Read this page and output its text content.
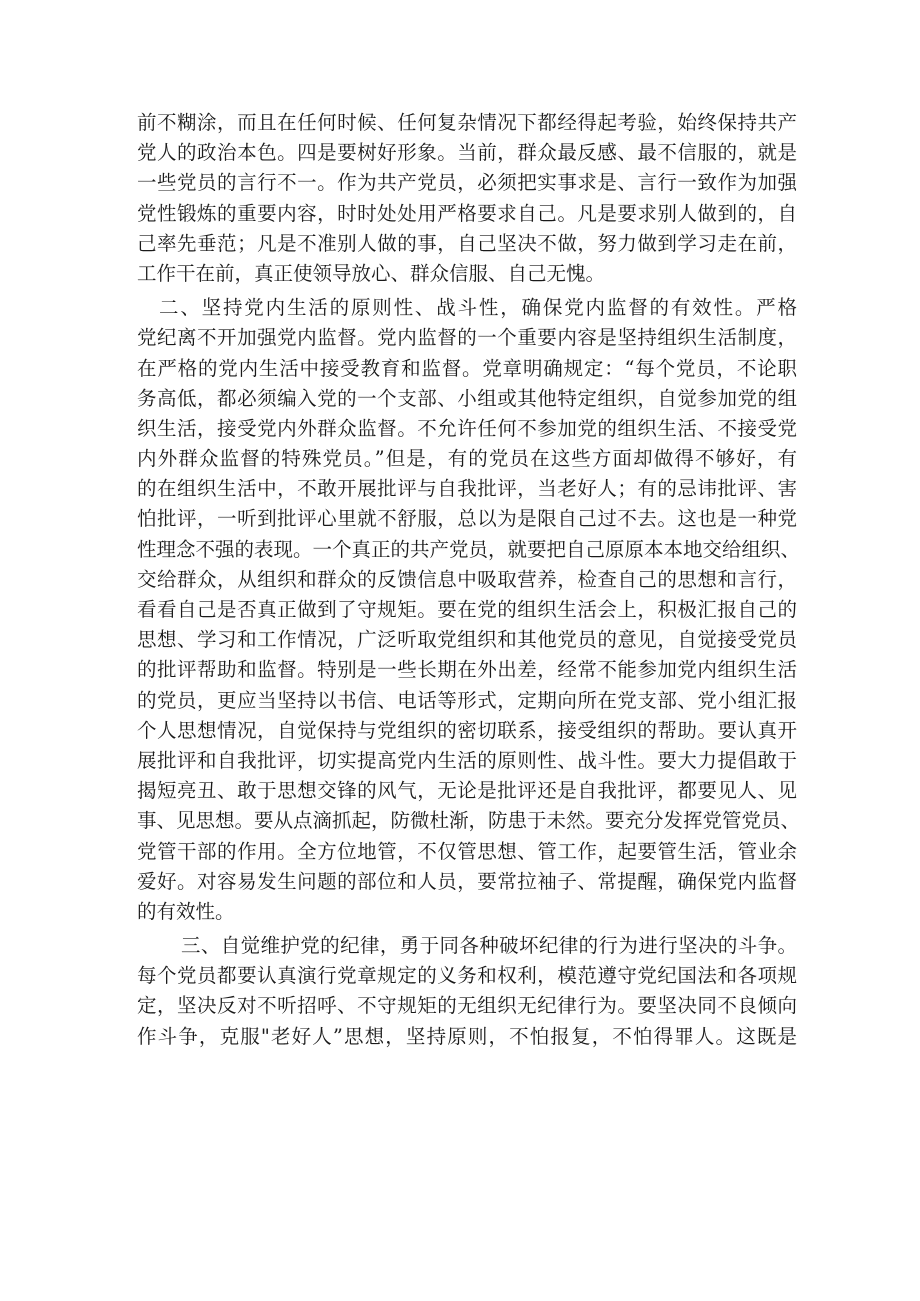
前不糊涂，而且在任何时候、任何复杂情况下都经得起考验，始终保持共产
党人的政治本色。四是要树好形象。当前，群众最反感、最不信服的，就是
一些党员的言行不一。作为共产党员，必须把实事求是、言行一致作为加强
党性锻炼的重要内容，时时处处用严格要求自己。凡是要求别人做到的，自
己率先垂范；凡是不准别人做的事，自己坚决不做，努力做到学习走在前，
工作干在前，真正使领导放心、群众信服、自己无愧。
二、坚持党内生活的原则性、战斗性，确保党内监督的有效性。严格
党纪离不开加强党内监督。党内监督的一个重要内容是坚持组织生活制度，
在严格的党内生活中接受教育和监督。党章明确规定：“每个党员，不论职
务高低，都必须编入党的一个支部、小组或其他特定组织，自觉参加党的组
织生活，接受党内外群众监督。不允许任何不参加党的组织生活、不接受党
内外群众监督的特殊党员。”但是，有的党员在这些方面却做得不够好，有
的在组织生活中，不敢开展批评与自我批评，当老好人；有的忌讳批评、害
怕批评，一听到批评心里就不舒服，总以为是限自己过不去。这也是一种党
性理念不强的表现。一个真正的共产党员，就要把自己原原本本地交给组织、
交给群众，从组织和群众的反馈信息中吸取营养，检查自己的思想和言行，
看看自己是否真正做到了守规矩。要在党的组织生活会上，积极汇报自己的
思想、学习和工作情况，广泛听取党组织和其他党员的意见，自觉接受党员
的批评帮助和监督。特别是一些长期在外出差，经常不能参加党内组织生活
的党员，更应当坚持以书信、电话等形式，定期向所在党支部、党小组汇报
个人思想情况，自觉保持与党组织的密切联系，接受组织的帮助。要认真开
展批评和自我批评，切实提高党内生活的原则性、战斗性。要大力提倡敢于
揭短亮丑、敢于思想交锋的风气，无论是批评还是自我批评，都要见人、见
事、见思想。要从点滴抓起，防微杜渐，防患于未然。要充分发挥党管党员、
党管干部的作用。全方位地管，不仅管思想、管工作，起要管生活，管业余
爱好。对容易发生问题的部位和人员，要常拉袖子、常提醒，确保党内监督
的有效性。
三、自觉维护党的纪律，勇于同各种破坏纪律的行为进行坚决的斗争。
每个党员都要认真演行党章规定的义务和权利，模范遵守党纪国法和各项规
定，坚决反对不听招呼、不守规矩的无组织无纪律行为。要坚决同不良倾向
作斗争，克服"老好人”思想，坚持原则，不怕报复，不怕得罪人。这既是
